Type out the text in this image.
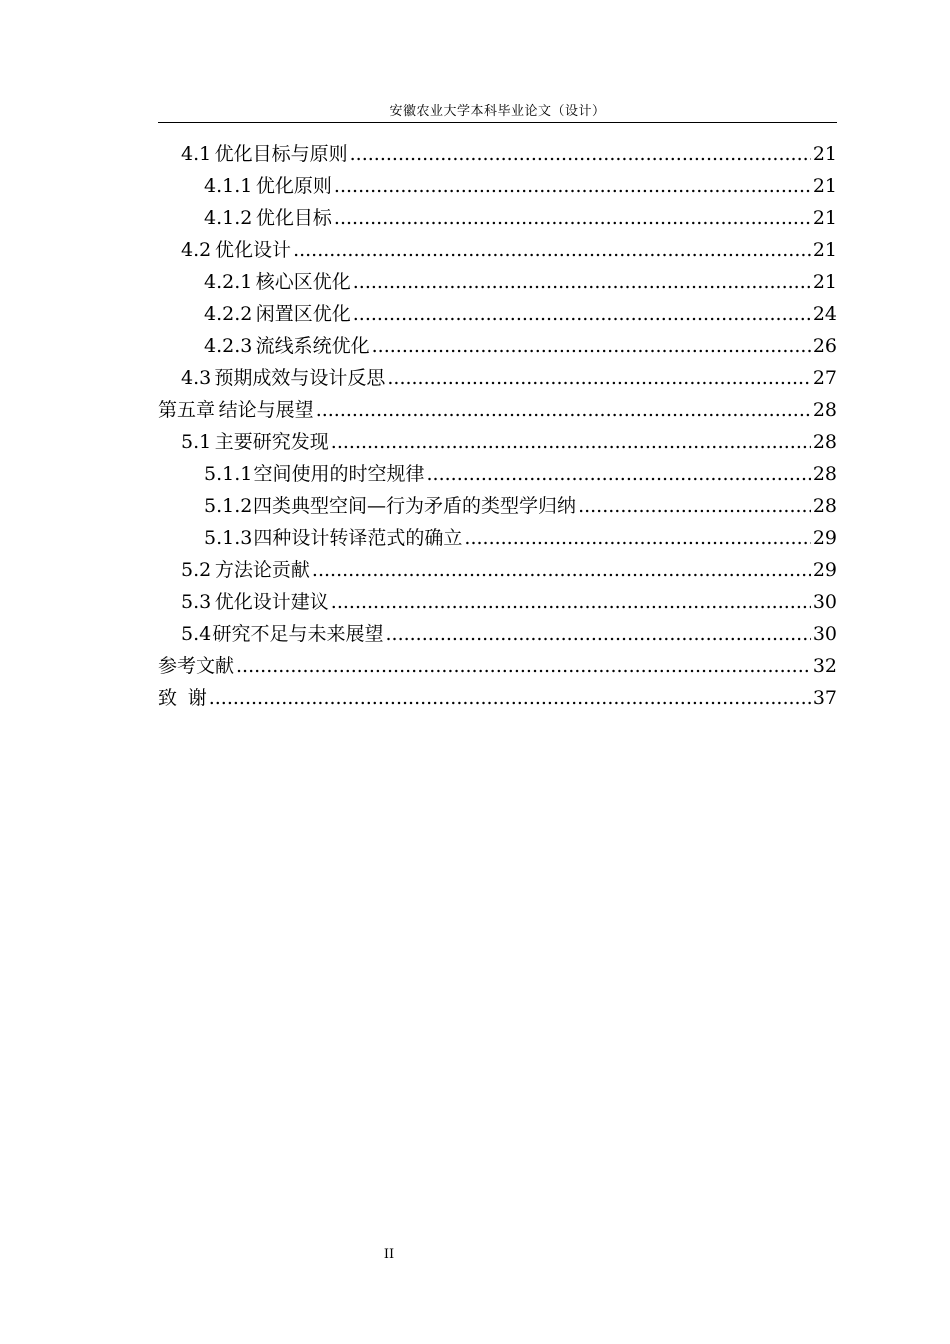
安徽农业大学本科毕业论文（设计）
4.1 优化目标与原则 .....	21
4.1.1 优化原则 .....	21
4.1.2 优化目标 .....	21
4.2 优化设计 .....	21
4.2.1 核心区优化 .....	21
4.2.2 闲置区优化 .....	24
4.2.3 流线系统优化 .....	26
4.3 预期成效与设计反思 .....	27
第五章 结论与展望 .....	28
5.1 主要研究发现 .....	28
5.1.1 空间使用的时空规律 .....	28
5.1.2 四类典型空间—行为矛盾的类型学归纳 .....	28
5.1.3 四种设计转译范式的确立 .....	29
5.2 方法论贡献 .....	29
5.3 优化设计建议 .....	30
5.4 研究不足与未来展望 .....	30
参考文献 .....	32
致 谢 .....	37
II
